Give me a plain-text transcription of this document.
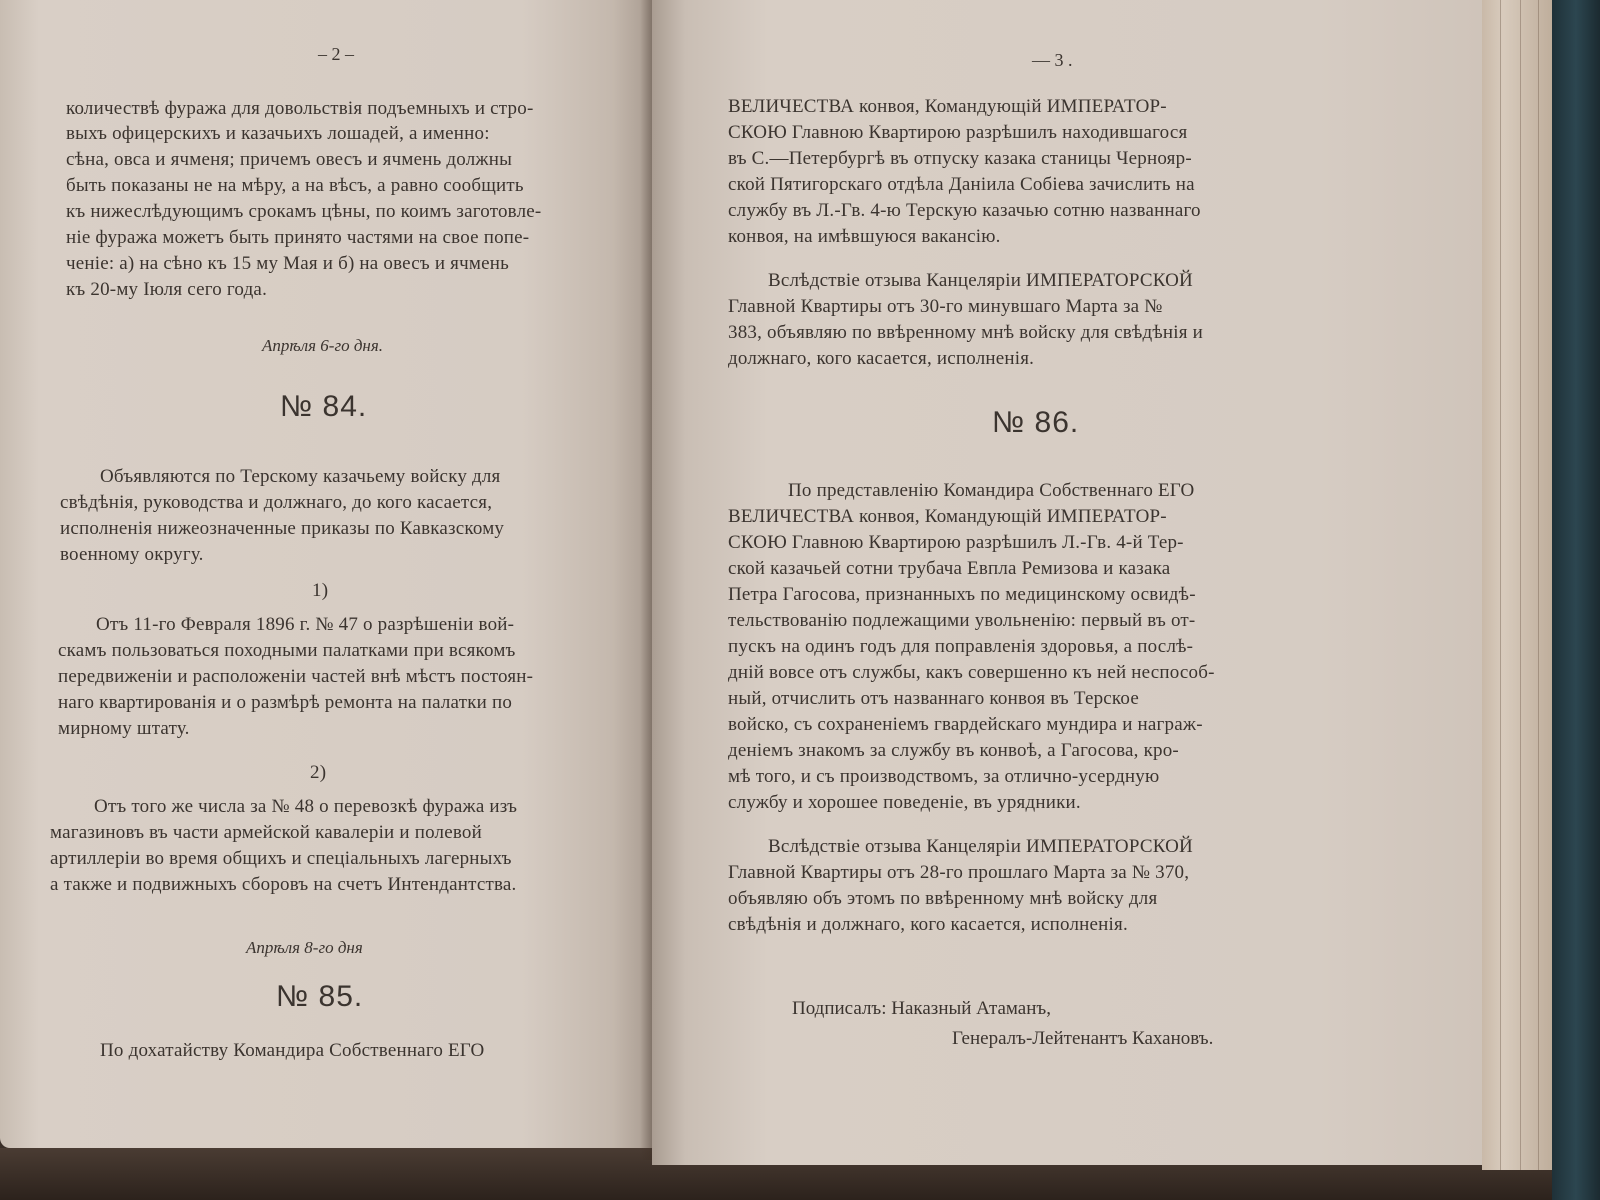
– 2 –
количествѣ фуража для довольствія подъемныхъ и стро-
выхъ офицерскихъ и казачьихъ лошадей, а именно:
сѣна, овса и ячменя; причемъ овесъ и ячмень должны
быть показаны не на мѣру, а на вѣсъ, а равно сообщить
къ нижеслѣдующимъ срокамъ цѣны, по коимъ заготовле-
ніе фуража можетъ быть принято частями на свое попе-
ченіе: а) на сѣно къ 15 му Мая и б) на овесъ и ячмень
къ 20-му Іюля сего года.
Апрѣля 6-го дня.
№ 84.
Объявляются по Терскому казачьему войску для
свѣдѣнія, руководства и должнаго, до кого касается,
исполненія нижеозначенные приказы по Кавказскому
военному округу.
1)
Отъ 11-го Февраля 1896 г. № 47 о разрѣшеніи вой-
скамъ пользоваться походными палатками при всякомъ
передвиженіи и расположеніи частей внѣ мѣстъ постоян-
наго квартированія и о размѣрѣ ремонта на палатки по
мирному штату.
2)
Отъ того же числа за № 48 о перевозкѣ фуража изъ
магазиновъ въ части армейской кавалеріи и полевой
артиллеріи во время общихъ и спеціальныхъ лагерныхъ
а также и подвижныхъ сборовъ на счетъ Интендантства.
Апрѣля 8-го дня
№ 85.
По дохатайству Командира Собственнаго ЕГО
— 3 .
ВЕЛИЧЕСТВА конвоя, Командующій ИМПЕРАТОР-
СКОЮ Главною Квартирою разрѣшилъ находившагося
въ С.—Петербургѣ въ отпуску казака станицы Чернояр-
ской Пятигорскаго отдѣла Даніила Собіева зачислить на
службу въ Л.-Гв. 4-ю Терскую казачью сотню названнаго
конвоя, на имѣвшуюся вакансію.
Вслѣдствіе отзыва Канцеляріи ИМПЕРАТОРСКОЙ
Главной Квартиры отъ 30-го минувшаго Марта за №
383, объявляю по ввѣренному мнѣ войску для свѣдѣнія и
должнаго, кого касается, исполненія.
№ 86.
По представленію Командира Собственнаго ЕГО
ВЕЛИЧЕСТВА конвоя, Командующій ИМПЕРАТОР-
СКОЮ Главною Квартирою разрѣшилъ Л.-Гв. 4-й Тер-
ской казачьей сотни трубача Евпла Ремизова и казака
Петра Гагосова, признанныхъ по медицинскому освидѣ-
тельствованію подлежащими увольненію: первый въ от-
пускъ на одинъ годъ для поправленія здоровья, а послѣ-
дній вовсе отъ службы, какъ совершенно къ ней неспособ-
ный, отчислить отъ названнаго конвоя въ Терское
войско, съ сохраненіемъ гвардейскаго мундира и награж-
деніемъ знакомъ за службу въ конвоѣ, а Гагосова, кро-
мѣ того, и съ производствомъ, за отлично-усердную
службу и хорошее поведеніе, въ урядники.
Вслѣдствіе отзыва Канцеляріи ИМПЕРАТОРСКОЙ
Главной Квартиры отъ 28-го прошлаго Марта за № 370,
объявляю объ этомъ по ввѣренному мнѣ войску для
свѣдѣнія и должнаго, кого касается, исполненія.
Подписалъ: Наказный Атаманъ,
Генералъ-Лейтенантъ Кахановъ.
